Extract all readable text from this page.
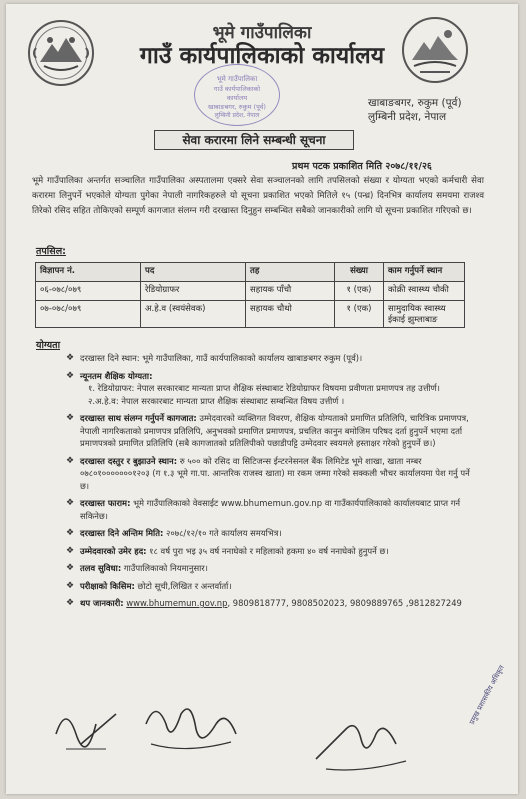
भूमे गाउँपालिका
गाउँ कार्यपालिकाको कार्यालय
भूमे गाउँपालिका
गाउँ कार्यपालिकाको
कार्यालय
खाबाङबगर, रुकुम (पूर्व)
लुम्बिनी प्रदेश, नेपाल
खाबाङबगर, रुकुम (पूर्व)
लुम्बिनी प्रदेश, नेपाल
सेवा करारमा लिने सम्बन्धी सूचना
प्रथम पटक प्रकाशित मिति २०७८/११/२६
भूमे गाउँपालिका अन्तर्गत सञ्चालित गाउँपालिका अस्पतालमा एक्सरे सेवा सञ्चालनको लागि तपसिलको संख्या र योग्यता भएको कर्मचारी सेवा करारमा लिनुपर्ने भएकोले योग्यता पुगेका नेपाली नागरिकहरुले यो सूचना प्रकाशित भएको मितिले १५ (पन्ध्र) दिनभित्र कार्यालय समयमा राजश्व तिरेको रसिद सहित तोकिएको सम्पूर्ण कागजात संलग्न गरी दरखास्त दिनुहुन सम्बन्धित सबैको जानकारीको लागि यो सूचना प्रकाशित गरिएको छ।
तपसिल:
विज्ञापन नं.	पद	तह	संख्या	काम गर्नुपर्ने स्थान
०६-०७८/०७९	रेडियोग्राफर	सहायक पाँचौ	१ (एक)	कोक्री स्वास्थ्य चौकी
०७-०७८/०७९	अ.हे.व (स्वयंसेवक)	सहायक चौथो	१ (एक)	सामुदायिक स्वास्थ्य ईकाई झुम्लाबाङ
योग्यता
❖ दरखास्त दिने स्थान: भूमे गाउँपालिका, गाउँ कार्यपालिकाको कार्यालय खाबाङबगर रुकुम (पूर्व)।
❖ न्यूनतम शैक्षिक योग्यता:
१. रेडियोग्राफर: नेपाल सरकारबाट मान्यता प्राप्त शैक्षिक संस्थाबाट रेडियोग्राफर विषयमा प्रवीणता प्रमाणपत्र तह उत्तीर्ण।
२.अ.हे.व: नेपाल सरकारबाट मान्यता प्राप्त शैक्षिक संस्थाबाट सम्बन्धित विषय उत्तीर्ण ।
❖ दरखास्त साथ संलग्न गर्नुपर्ने कागजात: उम्मेदवारको व्यक्तिगत विवरण, शैक्षिक योग्यताको प्रमाणित प्रतिलिपि, चारित्रिक प्रमाणपत्र, नेपाली नागरिकताको प्रमाणपत्र प्रतिलिपि, अनुभवको प्रमाणित प्रमाणपत्र, प्रचलित कानुन बमोजिम परिषद दर्ता हुनुपर्ने भएमा दर्ता प्रमाणपत्रको प्रमाणित प्रतिलिपि (सबै कागजातको प्रतिलिपीको पछाडीपट्टि उम्मेदवार स्वयमले हस्ताक्षर गरेको हुनुपर्ने छ।)
❖ दरखास्त दस्तुर र बुझाउने स्थान: रु ५०० को रसिद वा सिटिजन्स ईन्टरनेसनल बैंक लिमिटेड भूमे शाखा, खाता नम्बर ०७८०१०००००००१२०३ (ग १.३ भूमे गा.पा. आन्तरिक राजस्व खाता) मा रकम जम्मा गरेको सक्कली भौचर कार्यालयमा पेश गर्नु पर्ने छ।
❖ दरखास्त फाराम: भूमे गाउँपालिकाको वेवसाईट www.bhumemun.gov.np वा गाउँकार्यपालिकाको कार्यालयबाट प्राप्त गर्न सकिनेछ।
❖ दरखास्त दिने अन्तिम मिति: २०७८/१२/१० गते कार्यालय समयभित्र।
❖ उम्मेदवारको उमेर हद: १८ वर्ष पुरा भइ ३५ वर्ष ननाघेको र महिलाको हकमा ४० वर्ष ननाघेको हुनुपर्ने छ।
❖ तलव सुविधा: गाउँपालिकाको नियमानुसार।
❖ परीक्षाको किसिम: छोटो सूची,लिखित र अन्तर्वार्ता।
❖ थप जानकारी: www.bhumemun.gov.np, 9809818777, 9808502023, 9809889765 ,9812827249
प्रमुख प्रशासकीय अधिकृत
